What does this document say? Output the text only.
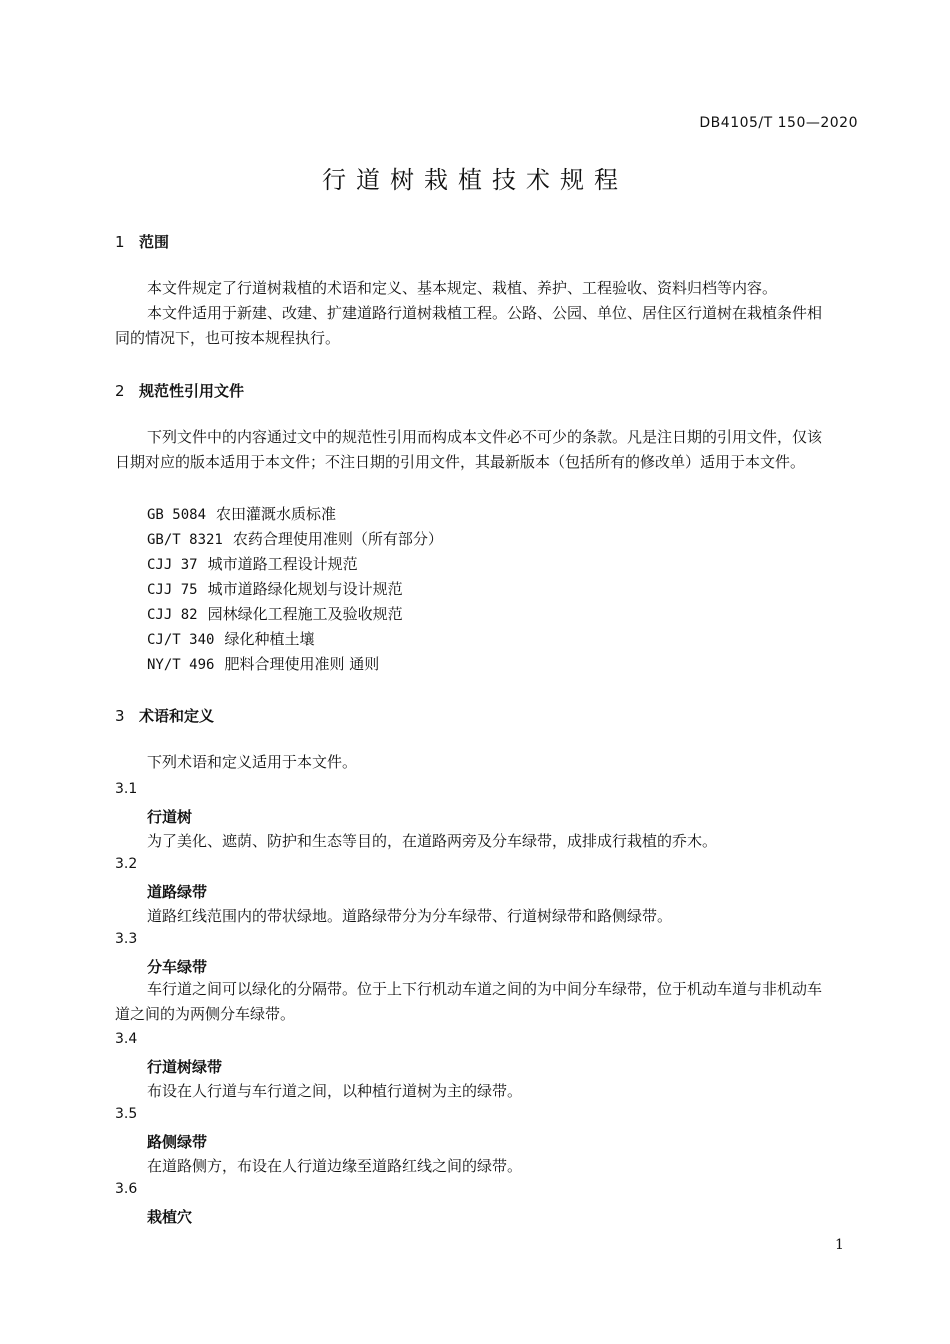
DB4105/T 150—2020
行道树栽植技术规程
1 范围
本文件规定了行道树栽植的术语和定义、基本规定、栽植、养护、工程验收、资料归档等内容。
本文件适用于新建、改建、扩建道路行道树栽植工程。公路、公园、单位、居住区行道树在栽植条件相同的情况下，也可按本规程执行。
2 规范性引用文件
下列文件中的内容通过文中的规范性引用而构成本文件必不可少的条款。凡是注日期的引用文件，仅该日期对应的版本适用于本文件；不注日期的引用文件，其最新版本（包括所有的修改单）适用于本文件。
GB 5084 农田灌溉水质标准
GB/T 8321 农药合理使用准则（所有部分）
CJJ 37 城市道路工程设计规范
CJJ 75 城市道路绿化规划与设计规范
CJJ 82 园林绿化工程施工及验收规范
CJ/T 340 绿化种植土壤
NY/T 496 肥料合理使用准则 通则
3 术语和定义
下列术语和定义适用于本文件。
3.1
行道树
为了美化、遮荫、防护和生态等目的，在道路两旁及分车绿带，成排成行栽植的乔木。
3.2
道路绿带
道路红线范围内的带状绿地。道路绿带分为分车绿带、行道树绿带和路侧绿带。
3.3
分车绿带
车行道之间可以绿化的分隔带。位于上下行机动车道之间的为中间分车绿带，位于机动车道与非机动车道之间的为两侧分车绿带。
3.4
行道树绿带
布设在人行道与车行道之间，以种植行道树为主的绿带。
3.5
路侧绿带
在道路侧方，布设在人行道边缘至道路红线之间的绿带。
3.6
栽植穴
1
